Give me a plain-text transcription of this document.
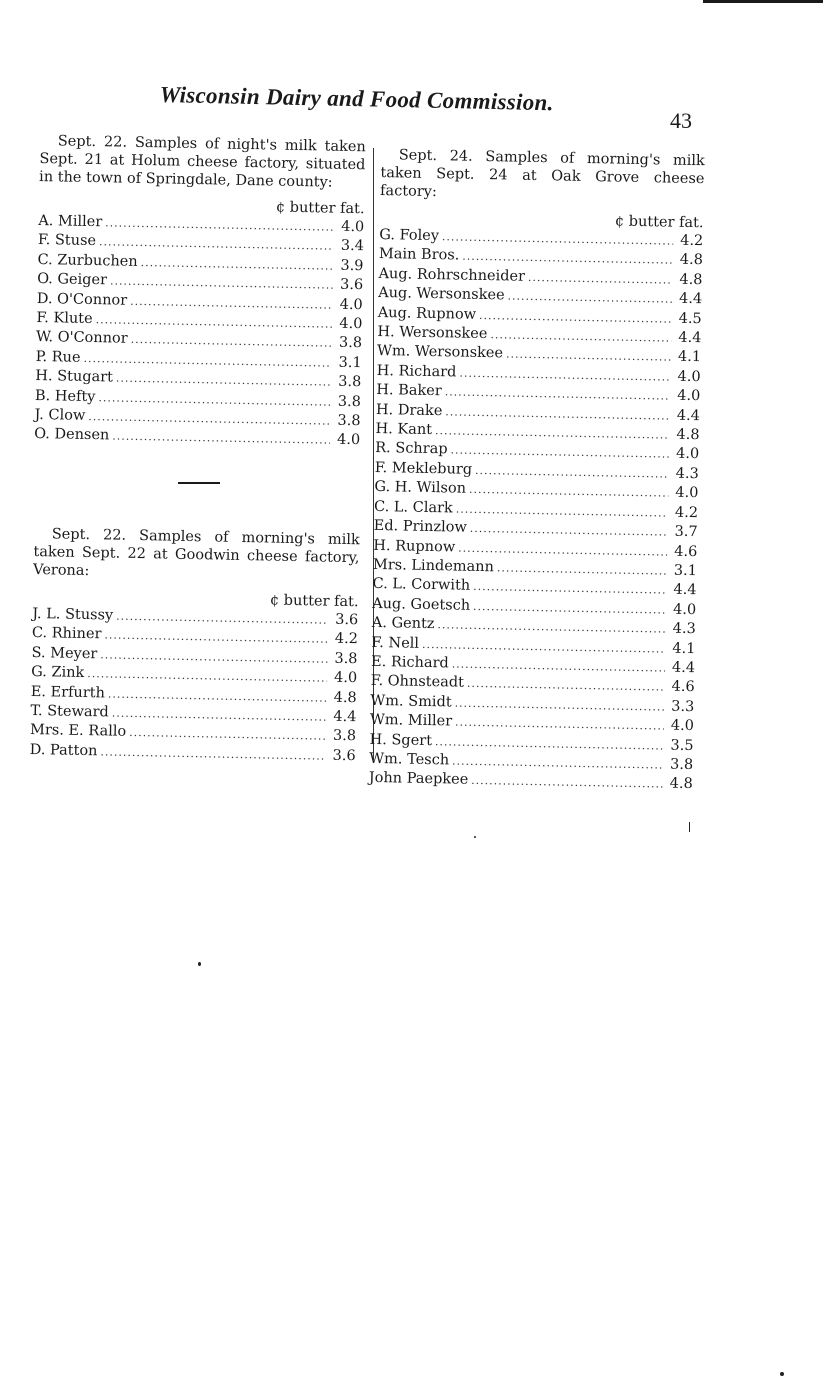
Wisconsin Dairy and Food Commission.
43

Sept. 22. Samples of night's milk taken Sept. 21 at Holum cheese factory, situated in the town of Springdale, Dane county:

¢ butter fat.
A. Miller .....	4.0
F. Stuse .....	3.4
C. Zurbuchen .....	3.9
O. Geiger .....	3.6
D. O'Connor .....	4.0
F. Klute .....	4.0
W. O'Connor .....	3.8
P. Rue .....	3.1
H. Stugart .....	3.8
B. Hefty .....	3.8
J. Clow .....	3.8
O. Densen .....	4.0

Sept. 22. Samples of morning's milk taken Sept. 22 at Goodwin cheese factory, Verona:

¢ butter fat.
J. L. Stussy .....	3.6
C. Rhiner .....	4.2
S. Meyer .....	3.8
G. Zink .....	4.0
E. Erfurth .....	4.8
T. Steward .....	4.4
Mrs. E. Rallo .....	3.8
D. Patton .....	3.6

Sept. 24. Samples of morning's milk taken Sept. 24 at Oak Grove cheese factory:

¢ butter fat.
G. Foley .....	4.2
Main Bros. .....	4.8
Aug. Rohrschneider .....	4.8
Aug. Wersonskee .....	4.4
Aug. Rupnow .....	4.5
H. Wersonskee .....	4.4
Wm. Wersonskee .....	4.1
H. Richard .....	4.0
H. Baker .....	4.0
H. Drake .....	4.4
H. Kant .....	4.8
R. Schrap .....	4.0
F. Mekleburg .....	4.3
G. H. Wilson .....	4.0
C. L. Clark .....	4.2
Ed. Prinzlow .....	3.7
H. Rupnow .....	4.6
Mrs. Lindemann .....	3.1
C. L. Corwith .....	4.4
Aug. Goetsch .....	4.0
A. Gentz .....	4.3
F. Nell .....	4.1
E. Richard .....	4.4
F. Ohnsteadt .....	4.6
Wm. Smidt .....	3.3
Wm. Miller .....	4.0
H. Sgert .....	3.5
Wm. Tesch .....	3.8
John Paepkee .....	4.8
